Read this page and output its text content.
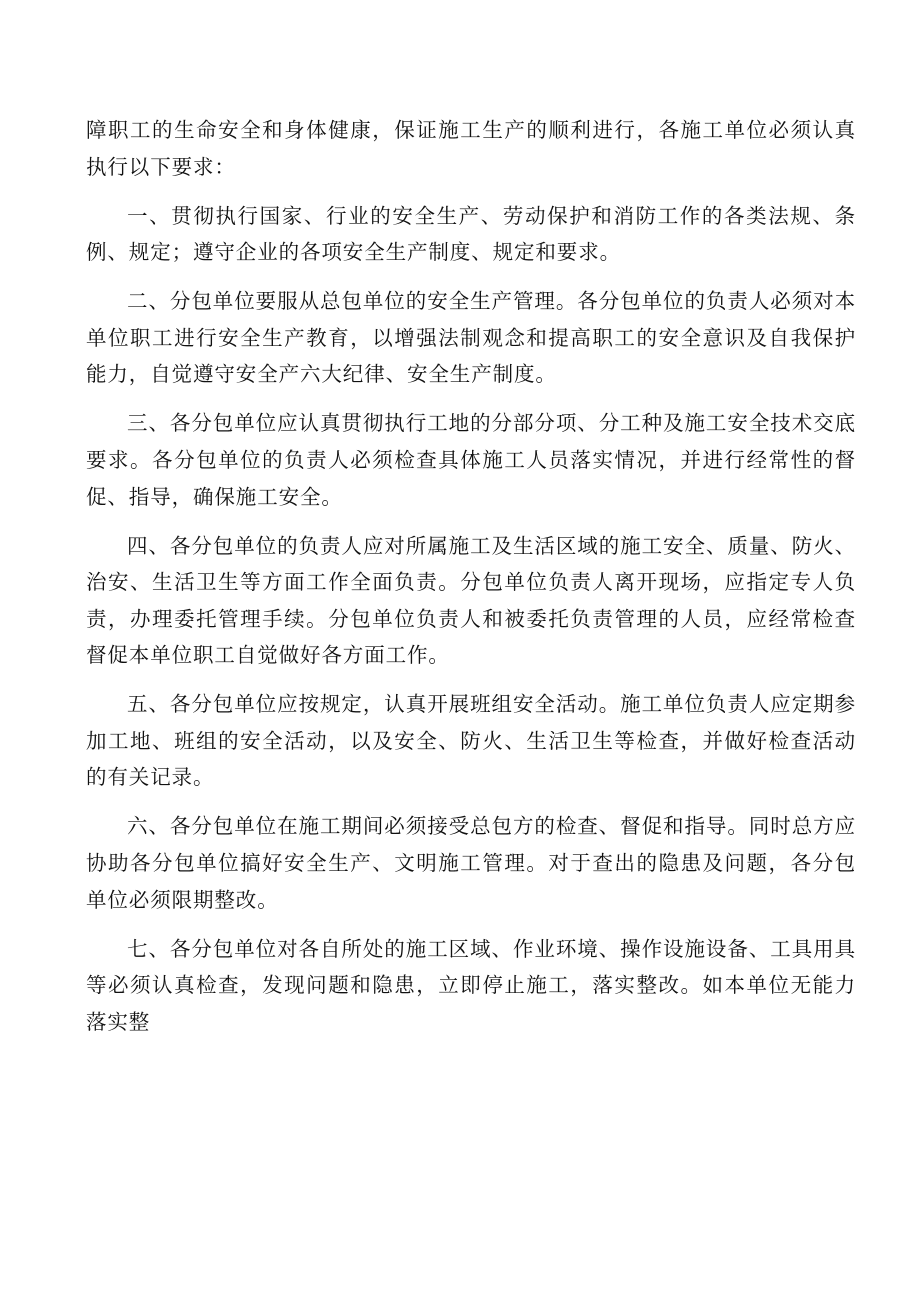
障职工的生命安全和身体健康，保证施工生产的顺利进行，各施工单位必须认真执行以下要求：

一、贯彻执行国家、行业的安全生产、劳动保护和消防工作的各类法规、条例、规定；遵守企业的各项安全生产制度、规定和要求。

二、分包单位要服从总包单位的安全生产管理。各分包单位的负责人必须对本单位职工进行安全生产教育，以增强法制观念和提高职工的安全意识及自我保护能力，自觉遵守安全产六大纪律、安全生产制度。

三、各分包单位应认真贯彻执行工地的分部分项、分工种及施工安全技术交底要求。各分包单位的负责人必须检查具体施工人员落实情况，并进行经常性的督促、指导，确保施工安全。

四、各分包单位的负责人应对所属施工及生活区域的施工安全、质量、防火、治安、生活卫生等方面工作全面负责。分包单位负责人离开现场，应指定专人负责，办理委托管理手续。分包单位负责人和被委托负责管理的人员，应经常检查督促本单位职工自觉做好各方面工作。

五、各分包单位应按规定，认真开展班组安全活动。施工单位负责人应定期参加工地、班组的安全活动，以及安全、防火、生活卫生等检查，并做好检查活动的有关记录。

六、各分包单位在施工期间必须接受总包方的检查、督促和指导。同时总方应协助各分包单位搞好安全生产、文明施工管理。对于查出的隐患及问题，各分包单位必须限期整改。

七、各分包单位对各自所处的施工区域、作业环境、操作设施设备、工具用具等必须认真检查，发现问题和隐患，立即停止施工，落实整改。如本单位无能力落实整
